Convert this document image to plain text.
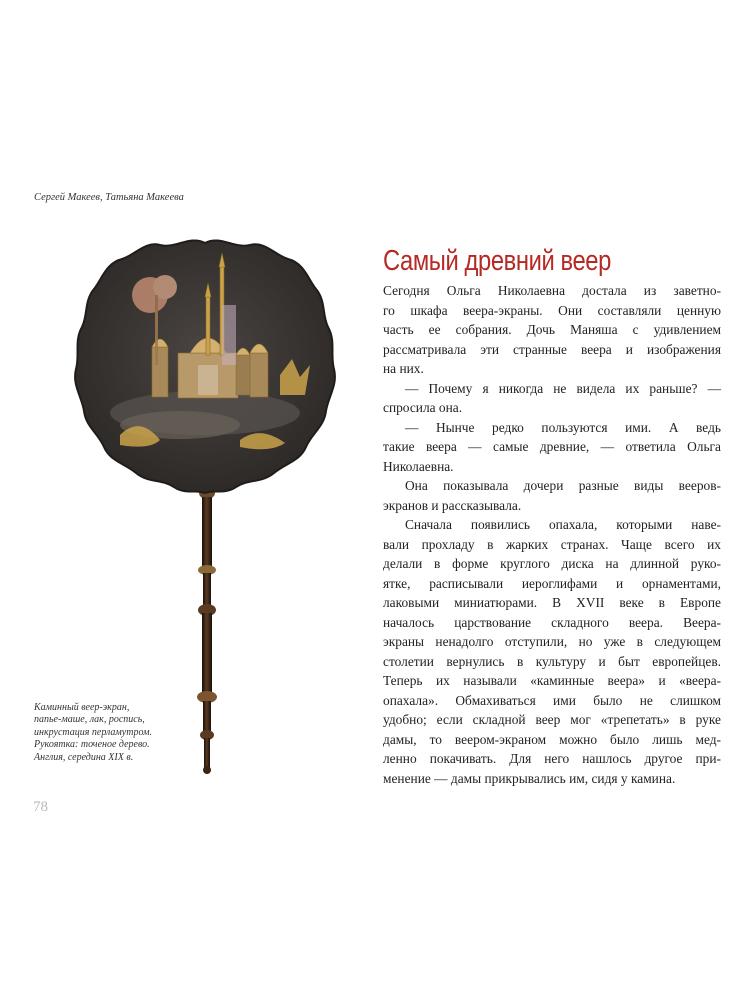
Сергей Макеев, Татьяна Макеева
Каминный веер-экран,
папье-маше, лак, роспись,
инкрустация перламутром.
Рукоятка: точеное дерево.
Англия, середина XIX в.
78
Самый древний веер

Сегодня Ольга Николаевна достала из заветно-

го шкафа веера-экраны. Они составляли ценную

часть ее собрания. Дочь Маняша с удивлением

рассматривала эти странные веера и изображения

на них.

— Почему я никогда не видела их раньше? —

спросила она.

— Нынче редко пользуются ими. А ведь

такие веера — самые древние, — ответила Ольга

Николаевна.

Она показывала дочери разные виды вееров-

экранов и рассказывала.

Сначала появились опахала, которыми наве-

вали прохладу в жарких странах. Чаще всего их

делали в форме круглого диска на длинной руко-

ятке, расписывали иероглифами и орнаментами,

лаковыми миниатюрами. В XVII веке в Европе

началось царствование складного веера. Веера-

экраны ненадолго отступили, но уже в следующем

столетии вернулись в культуру и быт европейцев.

Теперь их называли «каминные веера» и «веера-

опахала». Обмахиваться ими было не слишком

удобно; если складной веер мог «трепетать» в руке

дамы, то веером-экраном можно было лишь мед-

ленно покачивать. Для него нашлось другое при-

менение — дамы прикрывались им, сидя у камина.
